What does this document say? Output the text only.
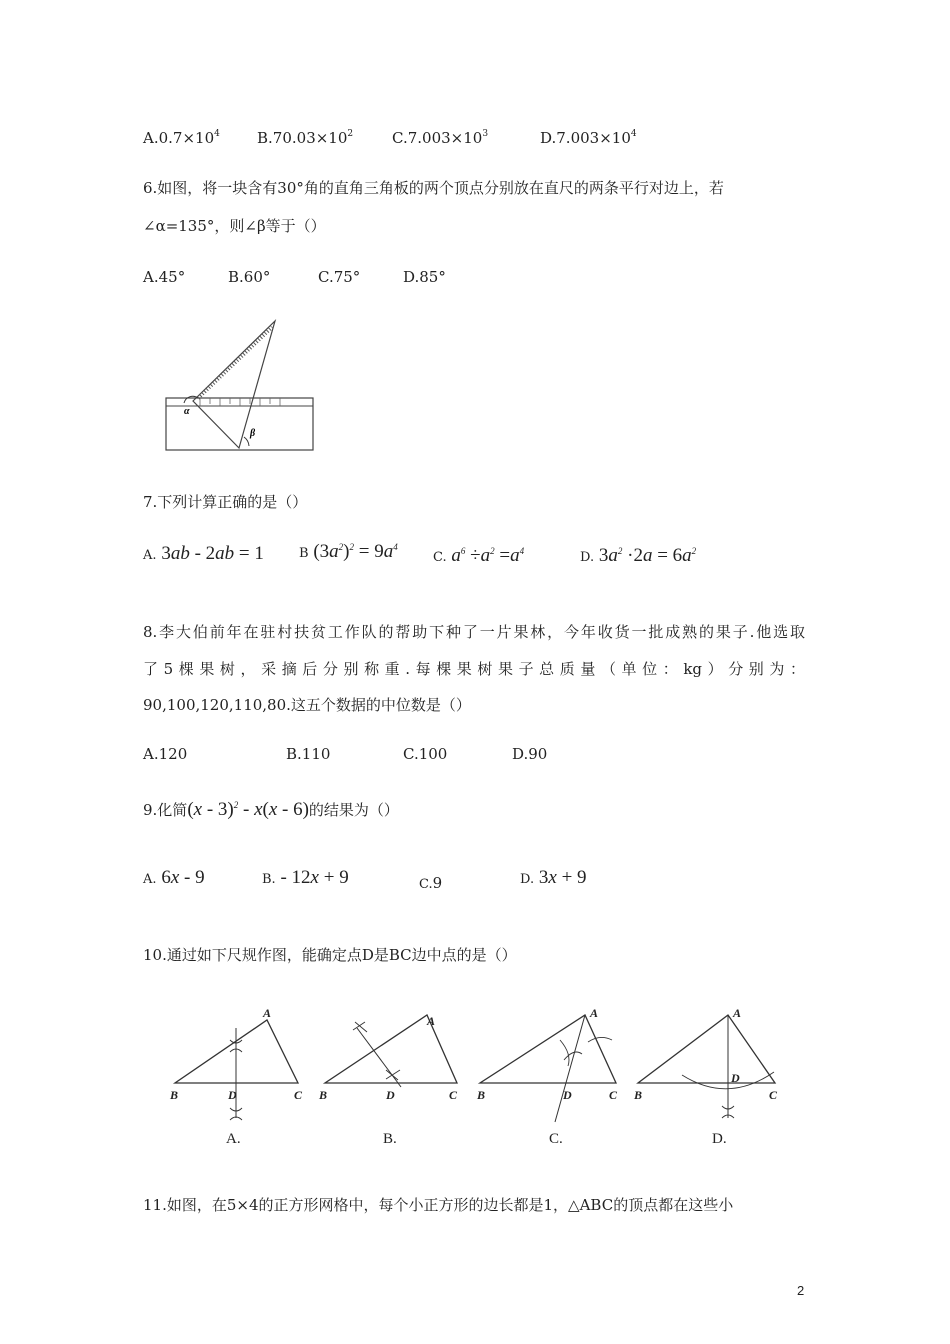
$A.0.7\times 10^4$ $B.70.03\times 10^2$	$C.7.003\times 10^3$	$D.7.003\times 10^4$
6.如图，将一块含有30°角的直角三角板的两个顶点分别放在直尺的两条平行对边上，若
∠α=135°，则∠β等于（）
A.45°	B.60°	C.75°	D.85°
α
β
7.下列计算正确的是（）
A. 3ab - 2ab = 1	B $(3a^2)^2 = 9a^4$
C. $a^6 \div a^2 =a^4$	D. $3a^2 \cdot 2a = 6a^2$
8.李大伯前年在驻村扶贫工作队的帮助下种了一片果林，今年收货一批成熟的果子.他选取
了5棵果树，采摘后分别称重.每棵果树果子总质量（单位：kg）分别为：
90,100,120,110,80.这五个数据的中位数是（）
A.120	B.110	C.100	D.90
9.化简(x - 3)$^2$ - x(x - 6)的结果为（）
A. 6x - 9	B. - 12x + 9	C.9	D. 3x + 9
10.通过如下尺规作图，能确定点D是BC边中点的是（）
A
B	D	C
A
B	D	C
A
B	D	C
A
B
D
C
A.	B.	C.	D.
11.如图，在5×4的正方形网格中，每个小正方形的边长都是1，△ABC的顶点都在这些小
2
